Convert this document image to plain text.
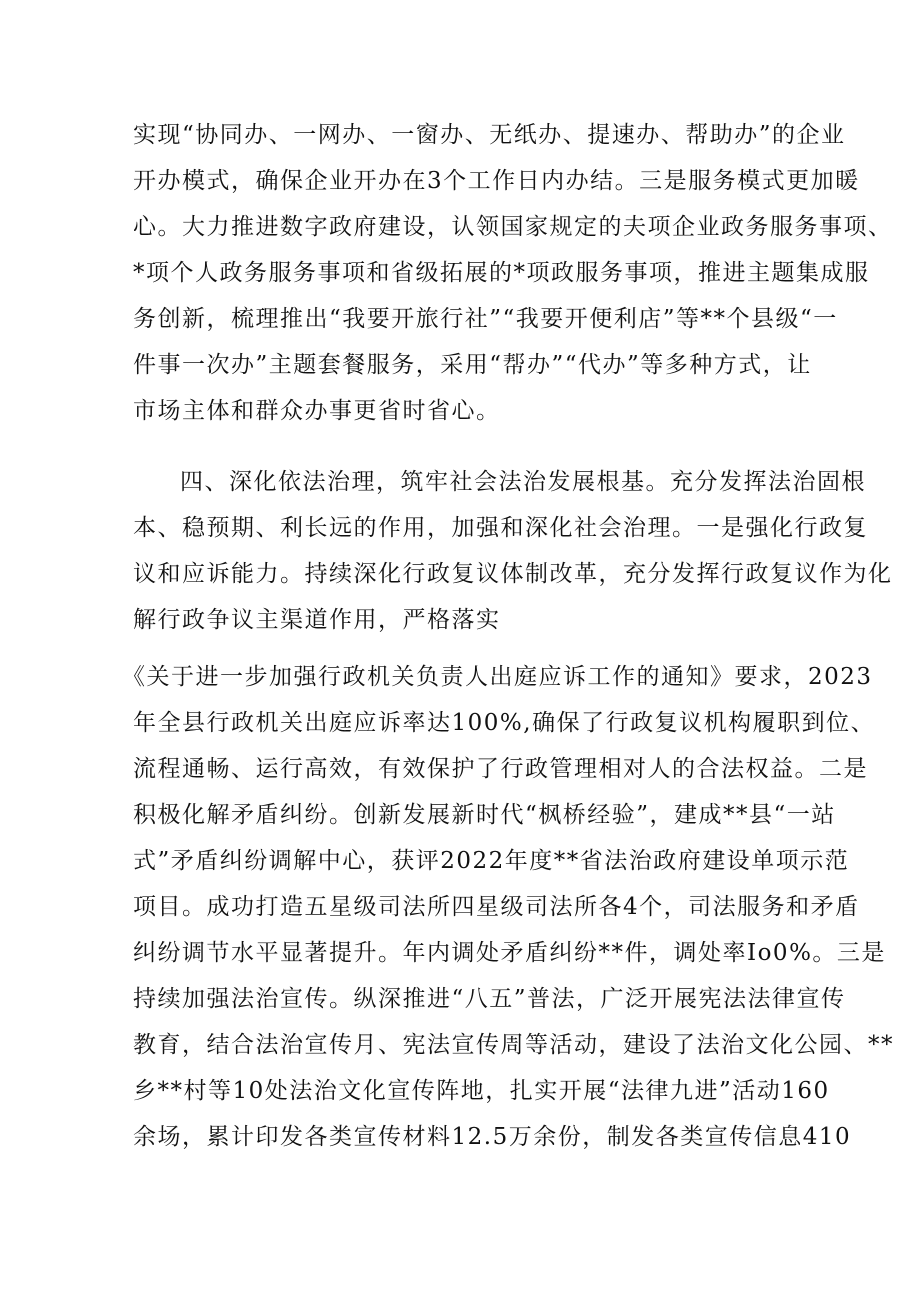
实现“协同办、一网办、一窗办、无纸办、提速办、帮助办”的企业
开办模式，确保企业开办在3个工作日内办结。三是服务模式更加暖
心。大力推进数字政府建设，认领国家规定的夫项企业政务服务事项、
*项个人政务服务事项和省级拓展的*项政服务事项，推进主题集成服
务创新，梳理推出“我要开旅行社”“我要开便利店”等**个县级“一
件事一次办”主题套餐服务，采用“帮办”“代办”等多种方式，让
市场主体和群众办事更省时省心。
四、深化依法治理，筑牢社会法治发展根基。充分发挥法治固根
本、稳预期、利长远的作用，加强和深化社会治理。一是强化行政复
议和应诉能力。持续深化行政复议体制改革，充分发挥行政复议作为化
解行政争议主渠道作用，严格落实
《关于进一步加强行政机关负责人出庭应诉工作的通知》要求，2023
年全县行政机关出庭应诉率达100%,确保了行政复议机构履职到位、
流程通畅、运行高效，有效保护了行政管理相对人的合法权益。二是
积极化解矛盾纠纷。创新发展新时代“枫桥经验”，建成**县“一站
式”矛盾纠纷调解中心，获评2022年度**省法治政府建设单项示范
项目。成功打造五星级司法所四星级司法所各4个，司法服务和矛盾
纠纷调节水平显著提升。年内调处矛盾纠纷**件，调处率Io0%。三是
持续加强法治宣传。纵深推进“八五”普法，广泛开展宪法法律宣传
教育，结合法治宣传月、宪法宣传周等活动，建设了法治文化公园、**
乡**村等10处法治文化宣传阵地，扎实开展“法律九进”活动160
余场，累计印发各类宣传材料12.5万余份，制发各类宣传信息410
